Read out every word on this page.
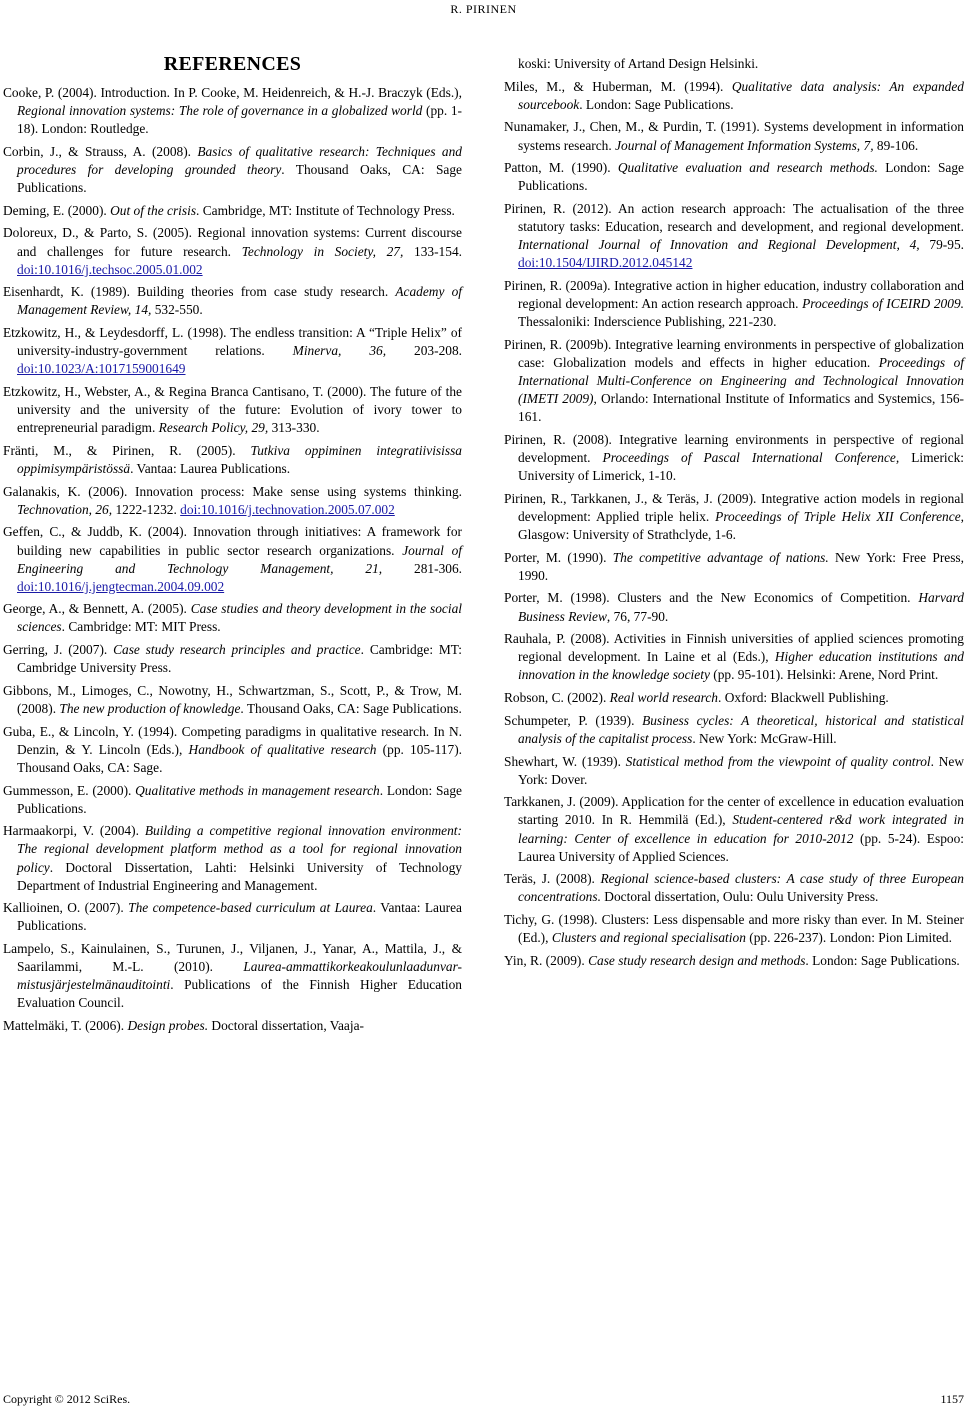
R. PIRINEN
REFERENCES
Cooke, P. (2004). Introduction. In P. Cooke, M. Heidenreich, & H.-J. Braczyk (Eds.), Regional innovation systems: The role of governance in a globalized world (pp. 1-18). London: Routledge.
Corbin, J., & Strauss, A. (2008). Basics of qualitative research: Techniques and procedures for developing grounded theory. Thousand Oaks, CA: Sage Publications.
Deming, E. (2000). Out of the crisis. Cambridge, MT: Institute of Technology Press.
Doloreux, D., & Parto, S. (2005). Regional innovation systems: Current discourse and challenges for future research. Technology in Society, 27, 133-154. doi:10.1016/j.techsoc.2005.01.002
Eisenhardt, K. (1989). Building theories from case study research. Academy of Management Review, 14, 532-550.
Etzkowitz, H., & Leydesdorff, L. (1998). The endless transition: A “Triple Helix” of university-industry-government relations. Minerva, 36, 203-208. doi:10.1023/A:1017159001649
Etzkowitz, H., Webster, A., & Regina Branca Cantisano, T. (2000). The future of the university and the university of the future: Evolution of ivory tower to entrepreneurial paradigm. Research Policy, 29, 313-330.
Fränti, M., & Pirinen, R. (2005). Tutkiva oppiminen integratiivisissa oppimisympäristössä. Vantaa: Laurea Publications.
Galanakis, K. (2006). Innovation process: Make sense using systems thinking. Technovation, 26, 1222-1232. doi:10.1016/j.technovation.2005.07.002
Geffen, C., & Juddb, K. (2004). Innovation through initiatives: A framework for building new capabilities in public sector research organizations. Journal of Engineering and Technology Management, 21, 281-306. doi:10.1016/j.jengtecman.2004.09.002
George, A., & Bennett, A. (2005). Case studies and theory development in the social sciences. Cambridge: MT: MIT Press.
Gerring, J. (2007). Case study research principles and practice. Cambridge: MT: Cambridge University Press.
Gibbons, M., Limoges, C., Nowotny, H., Schwartzman, S., Scott, P., & Trow, M. (2008). The new production of knowledge. Thousand Oaks, CA: Sage Publications.
Guba, E., & Lincoln, Y. (1994). Competing paradigms in qualitative research. In N. Denzin, & Y. Lincoln (Eds.), Handbook of qualitative research (pp. 105-117). Thousand Oaks, CA: Sage.
Gummesson, E. (2000). Qualitative methods in management research. London: Sage Publications.
Harmaakorpi, V. (2004). Building a competitive regional innovation environment: The regional development platform method as a tool for regional innovation policy. Doctoral Dissertation, Lahti: Helsinki University of Technology Department of Industrial Engineering and Management.
Kallioinen, O. (2007). The competence-based curriculum at Laurea. Vantaa: Laurea Publications.
Lampelo, S., Kainulainen, S., Turunen, J., Viljanen, J., Yanar, A., Mattila, J., & Saarilammi, M.-L. (2010). Laurea-ammattikorkeakoulunlaadunvar-mistusjärjestelmänauditointi. Publications of the Finnish Higher Education Evaluation Council.
Mattelmäki, T. (2006). Design probes. Doctoral dissertation, Vaaja-
koski: University of Artand Design Helsinki.
Miles, M., & Huberman, M. (1994). Qualitative data analysis: An expanded sourcebook. London: Sage Publications.
Nunamaker, J., Chen, M., & Purdin, T. (1991). Systems development in information systems research. Journal of Management Information Systems, 7, 89-106.
Patton, M. (1990). Qualitative evaluation and research methods. London: Sage Publications.
Pirinen, R. (2012). An action research approach: The actualisation of the three statutory tasks: Education, research and development, and regional development. International Journal of Innovation and Regional Development, 4, 79-95. doi:10.1504/IJIRD.2012.045142
Pirinen, R. (2009a). Integrative action in higher education, industry collaboration and regional development: An action research approach. Proceedings of ICEIRD 2009. Thessaloniki: Inderscience Publishing, 221-230.
Pirinen, R. (2009b). Integrative learning environments in perspective of globalization case: Globalization models and effects in higher education. Proceedings of International Multi-Conference on Engineering and Technological Innovation (IMETI 2009), Orlando: International Institute of Informatics and Systemics, 156-161.
Pirinen, R. (2008). Integrative learning environments in perspective of regional development. Proceedings of Pascal International Conference, Limerick: University of Limerick, 1-10.
Pirinen, R., Tarkkanen, J., & Teräs, J. (2009). Integrative action models in regional development: Applied triple helix. Proceedings of Triple Helix XII Conference, Glasgow: University of Strathclyde, 1-6.
Porter, M. (1990). The competitive advantage of nations. New York: Free Press, 1990.
Porter, M. (1998). Clusters and the New Economics of Competition. Harvard Business Review, 76, 77-90.
Rauhala, P. (2008). Activities in Finnish universities of applied sciences promoting regional development. In Laine et al (Eds.), Higher education institutions and innovation in the knowledge society (pp. 95-101). Helsinki: Arene, Nord Print.
Robson, C. (2002). Real world research. Oxford: Blackwell Publishing.
Schumpeter, P. (1939). Business cycles: A theoretical, historical and statistical analysis of the capitalist process. New York: McGraw-Hill.
Shewhart, W. (1939). Statistical method from the viewpoint of quality control. New York: Dover.
Tarkkanen, J. (2009). Application for the center of excellence in education evaluation starting 2010. In R. Hemmilä (Ed.), Student-centered r&d work integrated in learning: Center of excellence in education for 2010-2012 (pp. 5-24). Espoo: Laurea University of Applied Sciences.
Teräs, J. (2008). Regional science-based clusters: A case study of three European concentrations. Doctoral dissertation, Oulu: Oulu University Press.
Tichy, G. (1998). Clusters: Less dispensable and more risky than ever. In M. Steiner (Ed.), Clusters and regional specialisation (pp. 226-237). London: Pion Limited.
Yin, R. (2009). Case study research design and methods. London: Sage Publications.
Copyright © 2012 SciRes.	1157
